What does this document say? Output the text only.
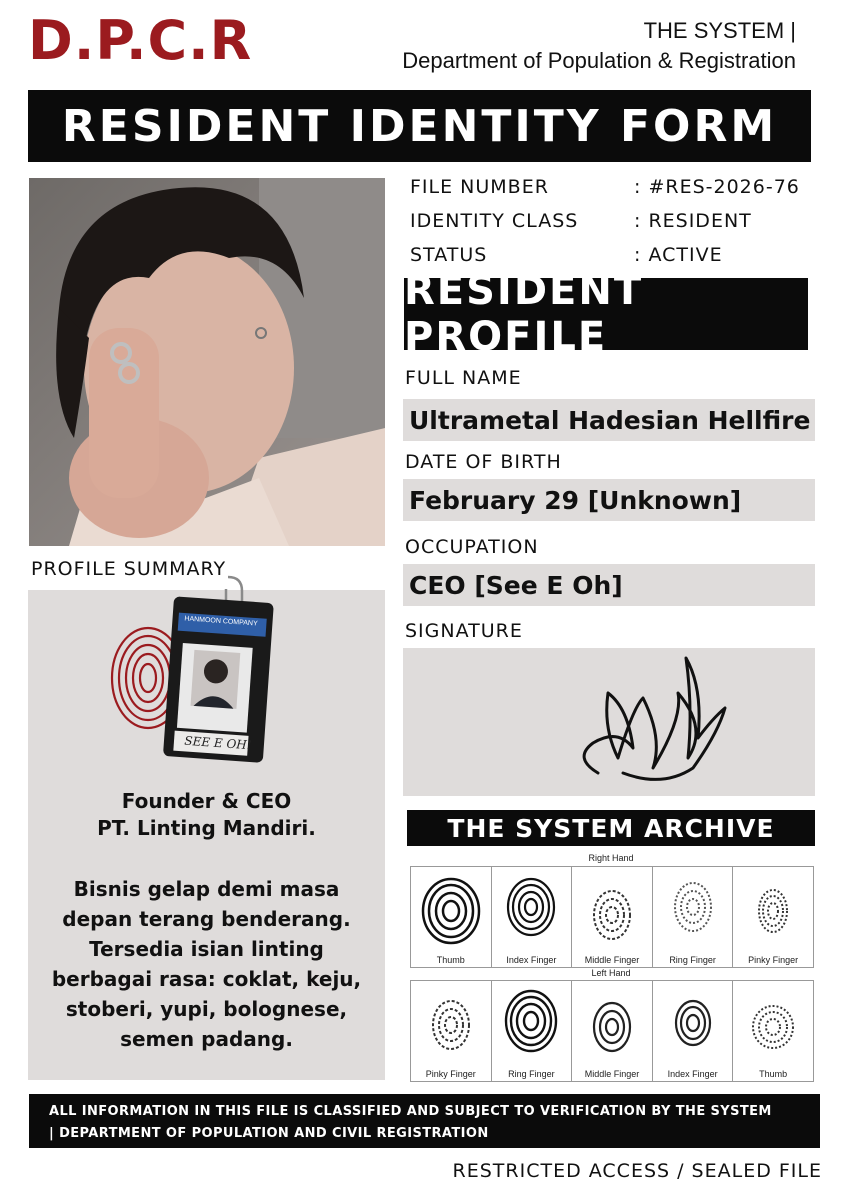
D.P.C.R	THE SYSTEM |
Department of Population & Registration
RESIDENT IDENTITY FORM
FILE NUMBER	: #RES-2026-76
IDENTITY CLASS	: RESIDENT
STATUS	: ACTIVE
RESIDENT PROFILE
FULL NAME
Ultrametal Hadesian Hellfire
DATE OF BIRTH
February 29 [Unknown]
OCCUPATION
CEO [See E Oh]
SIGNATURE
PROFILE SUMMARY
HANMOON COMPANY
SEE E OH!
Founder & CEO
PT. Linting Mandiri.
Bisnis gelap demi masa
depan terang benderang.
Tersedia isian linting
berbagai rasa: coklat, keju,
stoberi, yupi, bolognese,
semen padang.
THE SYSTEM ARCHIVE
Right Hand
Thumb	Index Finger	Middle Finger	Ring Finger	Pinky Finger
Left Hand
Pinky Finger	Ring Finger	Middle Finger	Index Finger	Thumb
ALL INFORMATION IN THIS FILE IS CLASSIFIED AND SUBJECT TO VERIFICATION BY THE SYSTEM
| DEPARTMENT OF POPULATION AND CIVIL REGISTRATION
RESTRICTED ACCESS / SEALED FILE
